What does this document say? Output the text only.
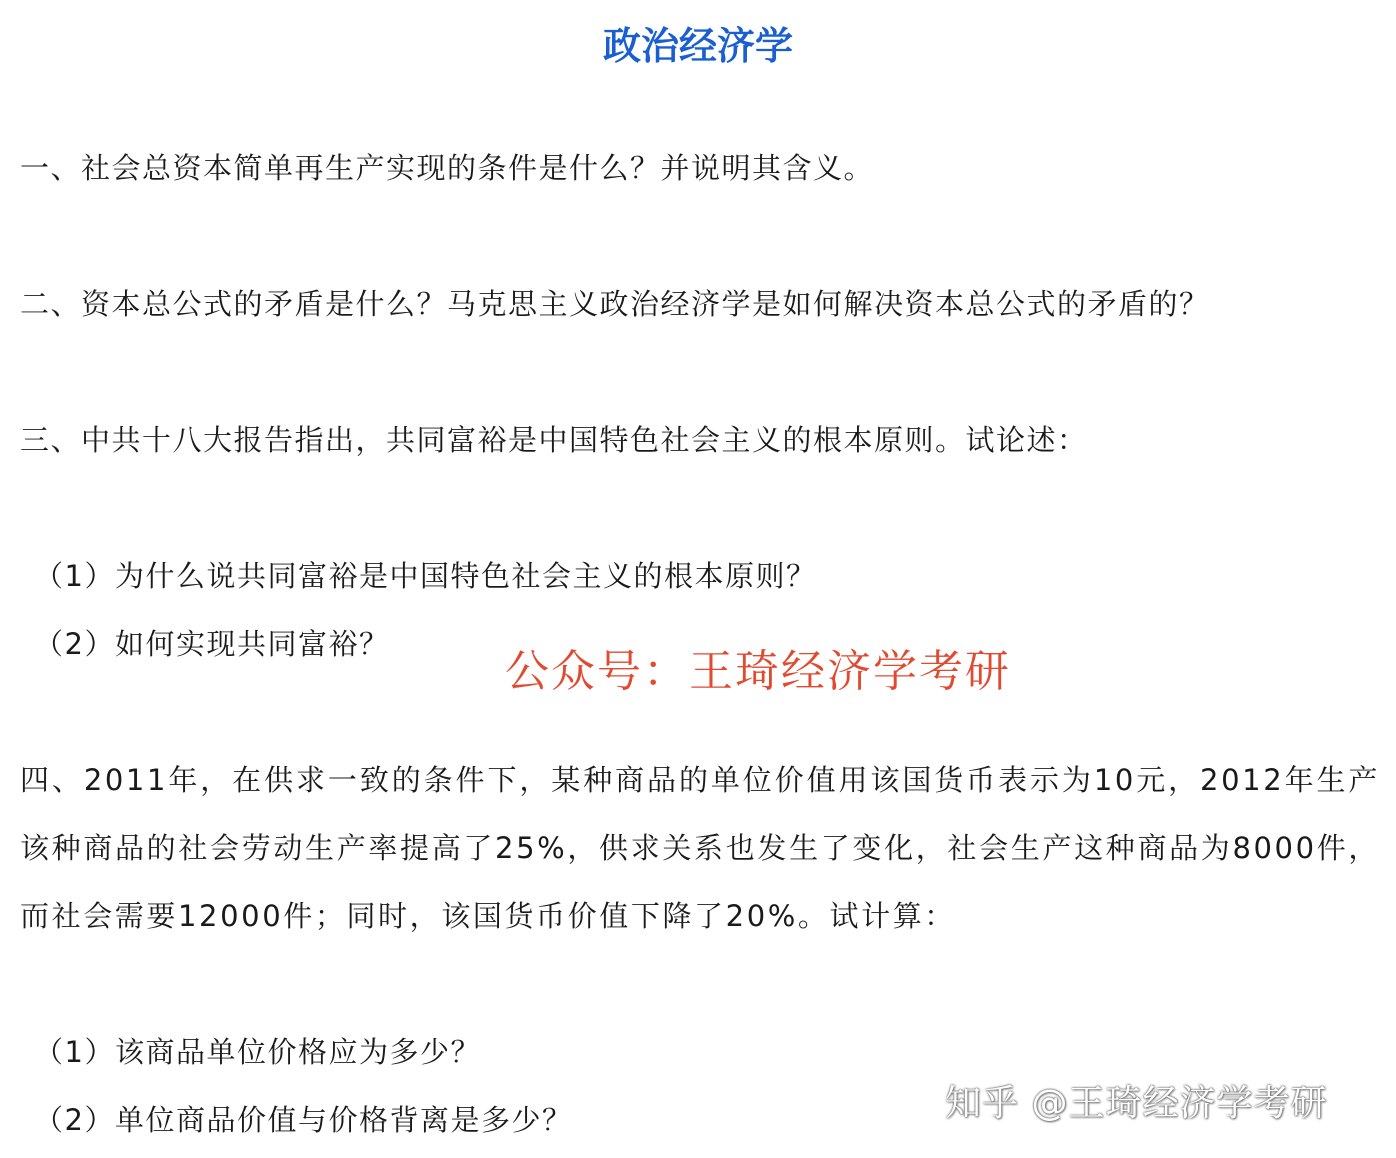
政治经济学
一、社会总资本简单再生产实现的条件是什么？并说明其含义。
二、资本总公式的矛盾是什么？马克思主义政治经济学是如何解决资本总公式的矛盾的？
三、中共十八大报告指出，共同富裕是中国特色社会主义的根本原则。试论述：
（1）为什么说共同富裕是中国特色社会主义的根本原则？
（2）如何实现共同富裕？
公众号：王琦经济学考研
四、2011年，在供求一致的条件下，某种商品的单位价值用该国货币表示为10元，2012年生产该种商品的社会劳动生产率提高了25%，供求关系也发生了变化，社会生产这种商品为8000件，而社会需要12000件；同时，该国货币价值下降了20%。试计算：
（1）该商品单位价格应为多少？
（2）单位商品价值与价格背离是多少？	知乎 @王琦经济学考研
